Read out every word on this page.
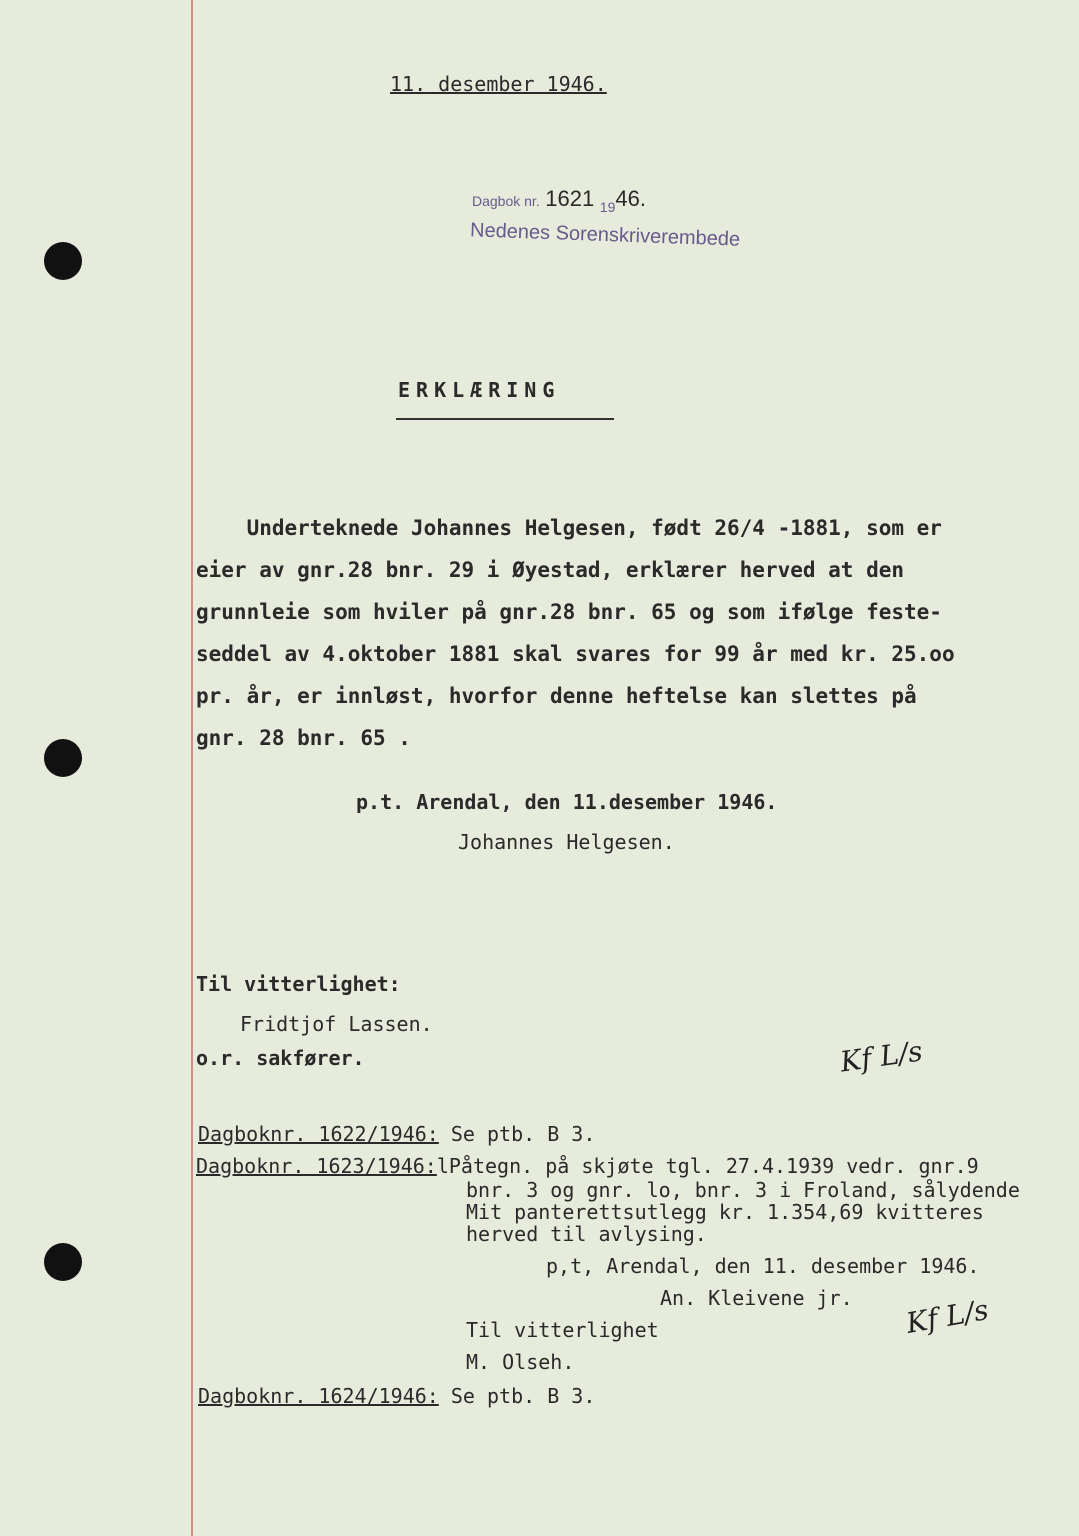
11. desember 1946.
Dagbok nr. 1621 $_{19}$46.
Nedenes Sorenskriverembede
ERKLÆRING
Underteknede Johannes Helgesen, født 26/4 -1881, som er
eier av gnr.28 bnr. 29 i Øyestad, erklærer herved at den
grunnleie som hviler på gnr.28 bnr. 65 og som ifølge feste-
seddel av 4.oktober 1881 skal svares for 99 år med kr. 25.oo
pr. år, er innløst, hvorfor denne heftelse kan slettes på
gnr. 28 bnr. 65 .
p.t. Arendal, den 11.desember 1946.
Johannes Helgesen.
Til vitterlighet:
Fridtjof Lassen.
o.r. sakfører.	Kf L/s
Dagboknr. 1622/1946: Se ptb. B 3.
Dagboknr. 1623/1946:lPåtegn. på skjøte tgl. 27.4.1939 vedr. gnr.9
bnr. 3 og gnr. lo, bnr. 3 i Froland, sålydende
Mit panterettsutlegg kr. 1.354,69 kvitteres
herved til avlysing.
p,t, Arendal, den 11. desember 1946.
An. Kleivene jr.
Til vitterlighet
M. Olseh.
Kf L/s
Dagboknr. 1624/1946: Se ptb. B 3.
